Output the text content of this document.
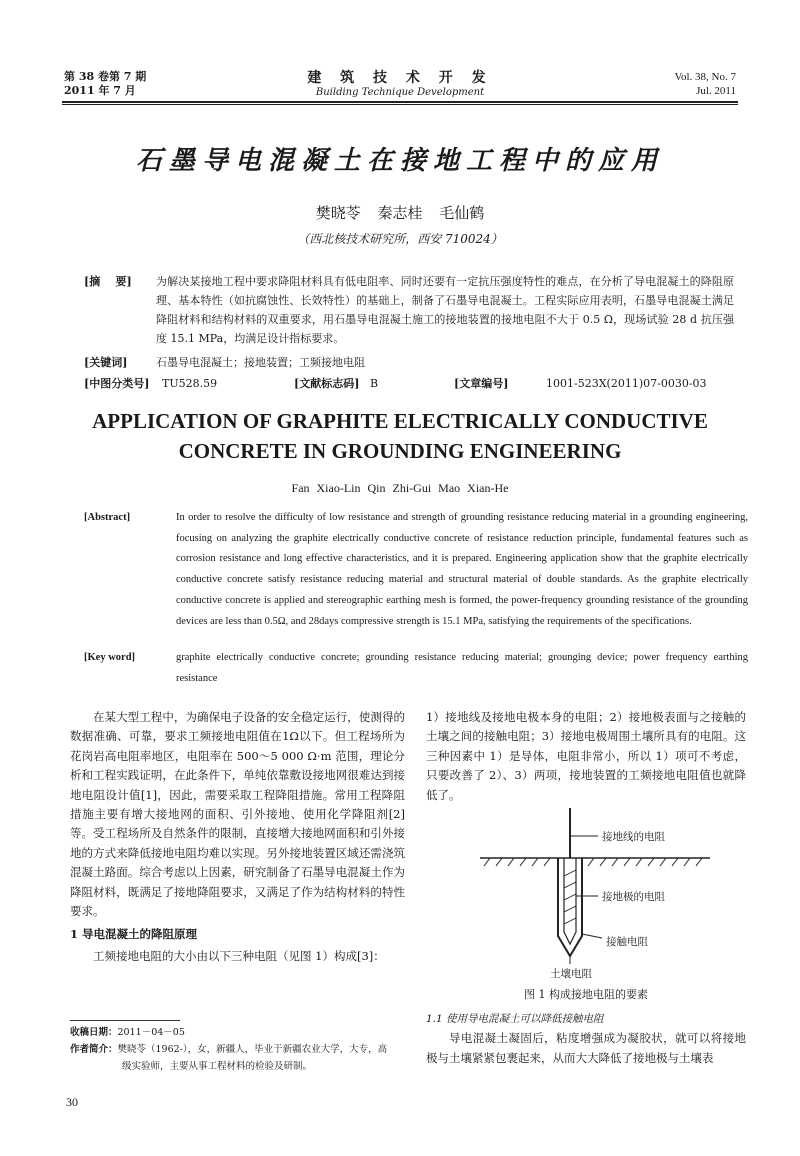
第 38 卷第 7 期
2011 年 7 月
建 筑 技 术 开 发
Building Technique Development
Vol. 38, No. 7
Jul. 2011
石墨导电混凝土在接地工程中的应用
樊晓苓 秦志桂 毛仙鹤
（西北核技术研究所，西安 710024）
[摘    要] 为解决某接地工程中要求降阻材料具有低电阻率、同时还要有一定抗压强度特性的难点，在分析了导电混凝土的降阻原理、基本特性（如抗腐蚀性、长效特性）的基础上，制备了石墨导电混凝土。工程实际应用表明，石墨导电混凝土满足降阻材料和结构材料的双重要求，用石墨导电混凝土施工的接地装置的接地电阻不大于 0.5 Ω，现场试验 28 d 抗压强度 15.1 MPa，均满足设计指标要求。
[关键词]	石墨导电混凝土；接地装置；工频接地电阻
[中图分类号] TU528.59	[文献标志码] B	[文章编号]	1001-523X(2011)07-0030-03
APPLICATION OF GRAPHITE ELECTRICALLY CONDUCTIVE
CONCRETE IN GROUNDING ENGINEERING
Fan Xiao-Lin Qin Zhi-Gui Mao Xian-He
[Abstract]	In order to resolve the difficulty of low resistance and strength of grounding resistance reducing material in a grounding engineering, focusing on analyzing the graphite electrically conductive concrete of resistance reduction principle, fundamental features such as corrosion resistance and long effective characteristics, and it is prepared. Engineering application show that the graphite electrically conductive concrete satisfy resistance reducing material and structural material of double standards. As the graphite electrically conductive concrete is applied and stereographic earthing mesh is formed, the power-frequency grounding resistance of the grounding devices are less than 0.5Ω, and 28days compressive strength is 15.1 MPa, satisfying the requirements of the specifications.
[Key word]	graphite electrically conductive concrete; grounding resistance reducing material; grounging device; power frequency earthing resistance

在某大型工程中，为确保电子设备的安全稳定运行，使测得的数据准确、可靠，要求工频接地电阻值在1Ω以下。但工程场所为花岗岩高电阻率地区，电阻率在 500～5 000 Ω·m 范围，理论分析和工程实践证明，在此条件下，单纯依靠敷设接地网很难达到接地电阻设计值[1]，因此，需要采取工程降阻措施。常用工程降阻措施主要有增大接地网的面积、引外接地、使用化学降阻剂[2]等。受工程场所及自然条件的限制，直接增大接地网面积和引外接地的方式来降低接地电阻均难以实现。另外接地装置区域还需浇筑混凝土路面。综合考虑以上因素，研究制备了石墨导电混凝土作为降阻材料，既满足了接地降阻要求，又满足了作为结构材料的特性要求。

1 导电混凝土的降阻原理

工频接地电阻的大小由以下三种电阻（见图 1）构成[3]：

1）接地线及接地电极本身的电阻；2）接地极表面与之接触的土壤之间的接触电阻；3）接地电极周围土壤所具有的电阻。这三种因素中 1）是导体，电阻非常小，所以 1）项可不考虑，只要改善了 2）、3）两项，接地装置的工频接地电阻值也就降低了。

接地线的电阻
接地极的电阻
接触电阻
土壤电阻
图 1 构成接地电阻的要素

1.1 使用导电混凝土可以降低接触电阻

导电混凝土凝固后，粘度增强成为凝胶状，就可以将接地极与土壤紧紧包裹起来，从而大大降低了接地极与土壤表

收稿日期：2011－04－05
作者简介：樊晓苓（1962-），女，新疆人，毕业于新疆农业大学，大专，高
级实验师，主要从事工程材料的检验及研制。
30
